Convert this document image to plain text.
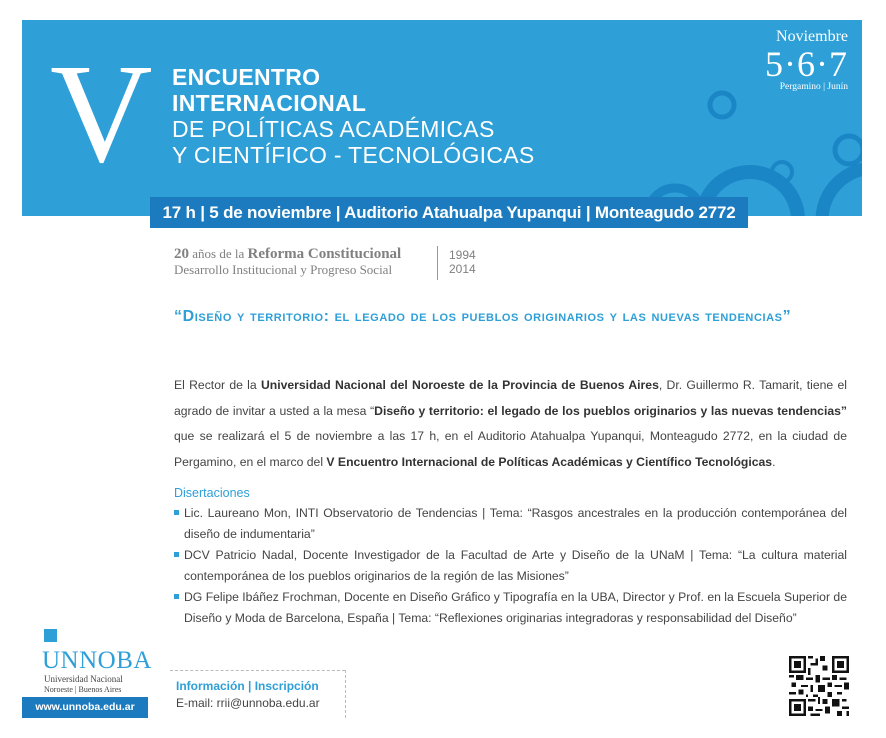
V ENCUENTRO
INTERNACIONAL
DE POLÍTICAS ACADÉMICAS
Y CIENTÍFICO - TECNOLÓGICAS
Noviembre
5·6·7
Pergamino | Junín
17 h | 5 de noviembre | Auditorio Atahualpa Yupanqui | Monteagudo 2772
20 años de la Reforma Constitucional
Desarrollo Institucional y Progreso Social
1994
2014
“Diseño y territorio: el legado de los pueblos originarios y las nuevas tendencias”
El Rector de la Universidad Nacional del Noroeste de la Provincia de Buenos Aires, Dr. Guillermo R. Tamarit, tiene el agrado de invitar a usted a la mesa “Diseño y territorio: el legado de los pueblos originarios y las nuevas tendencias” que se realizará el 5 de noviembre a las 17 h, en el Auditorio Atahualpa Yupanqui, Monteagudo 2772, en la ciudad de Pergamino, en el marco del V Encuentro Internacional de Políticas Académicas y Científico Tecnológicas.
Disertaciones
Lic. Laureano Mon, INTI Observatorio de Tendencias | Tema: “Rasgos ancestrales en la producción contemporánea del diseño de indumentaria”
DCV Patricio Nadal, Docente Investigador de la Facultad de Arte y Diseño de la UNaM | Tema: “La cultura material contemporánea de los pueblos originarios de la región de las Misiones”
DG Felipe Ibáñez Frochman, Docente en Diseño Gráfico y Tipografía en la UBA, Director y Prof. en la Escuela Superior de Diseño y Moda de Barcelona, España | Tema: “Reflexiones originarias integradoras y responsabilidad del Diseño”
UNNOBA
Universidad Nacional
Noroeste | Buenos Aires
www.unnoba.edu.ar
Información | Inscripción
E-mail: rrii@unnoba.edu.ar
